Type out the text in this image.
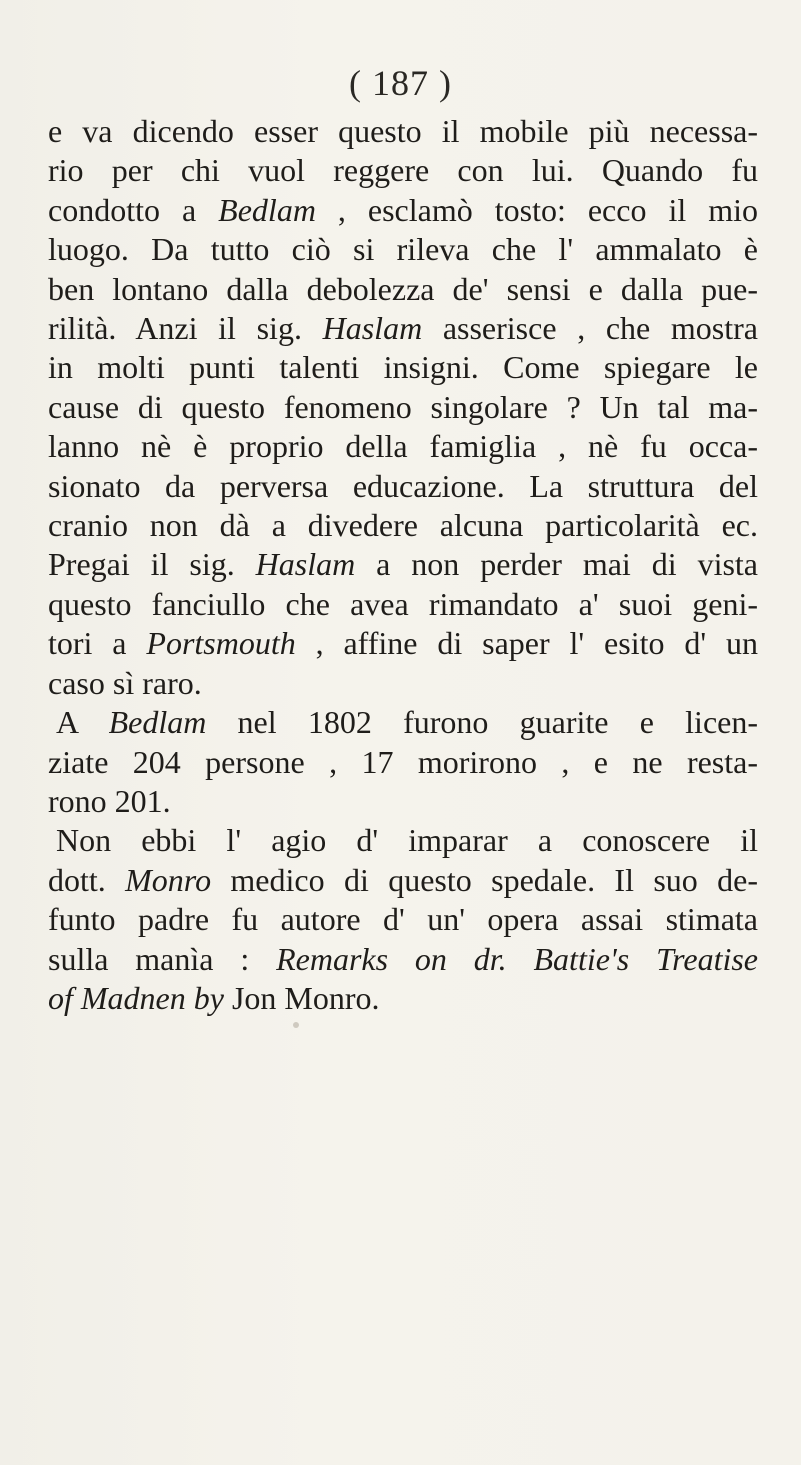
( 187 )
e va dicendo esser questo il mobile più necessa-
rio per chi vuol reggere con lui. Quando fu
condotto a Bedlam , esclamò tosto: ecco il mio
luogo. Da tutto ciò si rileva che l' ammalato è
ben lontano dalla debolezza de' sensi e dalla pue-
rilità. Anzi il sig. Haslam asserisce , che mostra
in molti punti talenti insigni. Come spiegare le
cause di questo fenomeno singolare ? Un tal ma-
lanno nè è proprio della famiglia , nè fu occa-
sionato da perversa educazione. La struttura del
cranio non dà a divedere alcuna particolarità ec.
Pregai il sig. Haslam a non perder mai di vista
questo fanciullo che avea rimandato a' suoi geni-
tori a Portsmouth , affine di saper l' esito d' un
caso sì raro.
A Bedlam nel 1802 furono guarite e licen-
ziate 204 persone , 17 morirono , e ne resta-
rono 201.
Non ebbi l' agio d' imparar a conoscere il
dott. Monro medico di questo spedale. Il suo de-
funto padre fu autore d' un' opera assai stimata
sulla manìa : Remarks on dr. Battie's Treatise
of Madnen by Jon Monro.
